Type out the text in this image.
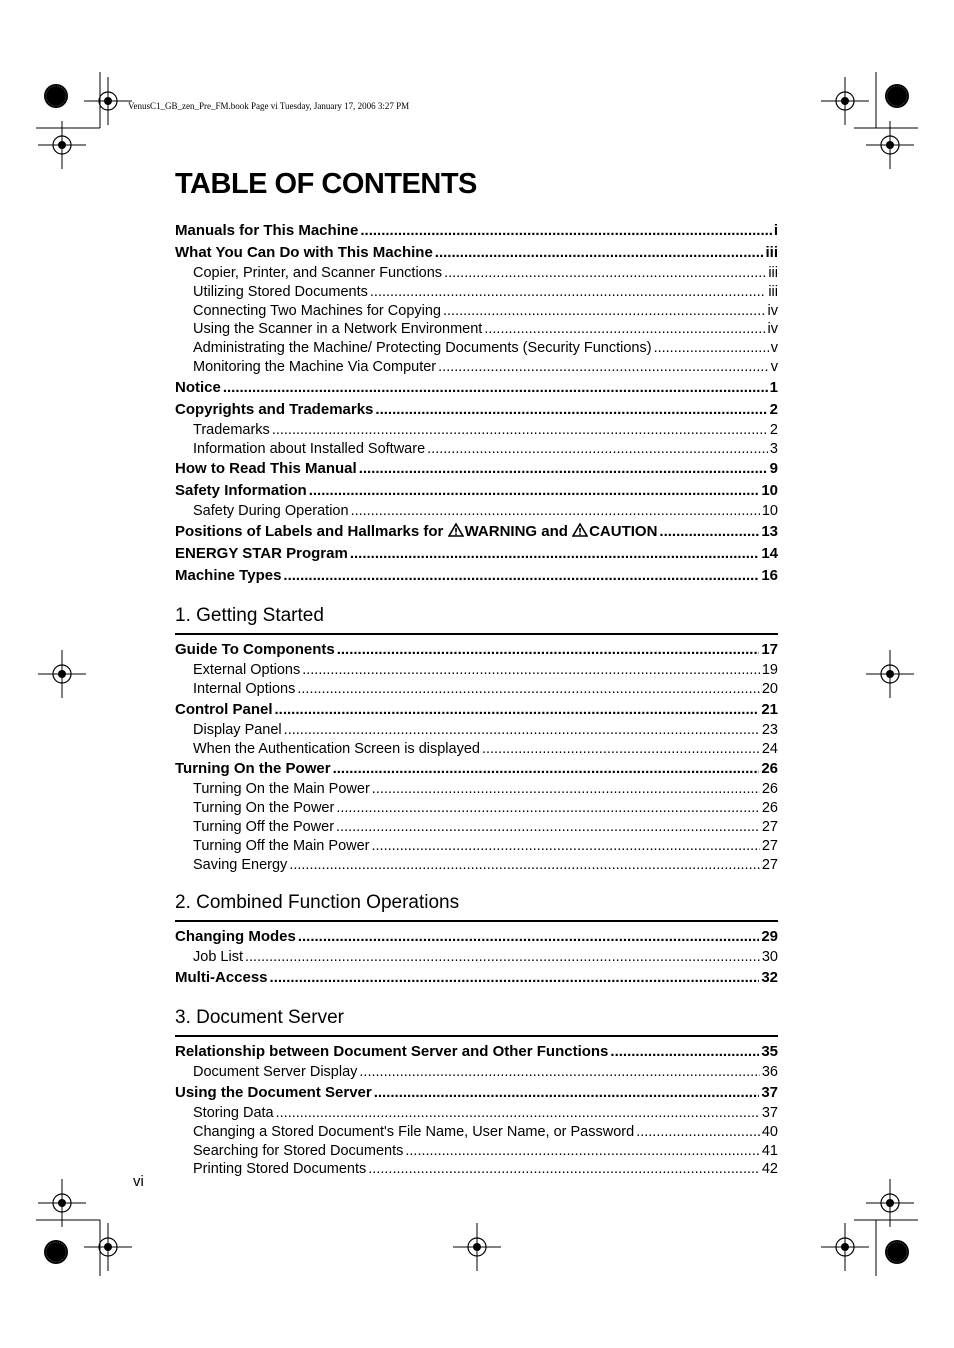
VenusC1_GB_zen_Pre_FM.book Page vi Tuesday, January 17, 2006 3:27 PM
TABLE OF CONTENTS
Manuals for This Machine .....	i
What You Can Do with This Machine .....	iii
Copier, Printer, and Scanner Functions .....	iii
Utilizing Stored Documents .....	iii
Connecting Two Machines for Copying .....	iv
Using the Scanner in a Network Environment .....	iv
Administrating the Machine/ Protecting Documents (Security Functions) .....	v
Monitoring the Machine Via Computer .....	v
Notice .....	1
Copyrights and Trademarks .....	2
Trademarks .....	2
Information about Installed Software .....	3
How to Read This Manual .....	9
Safety Information .....	10
Safety During Operation .....	10
Positions of Labels and Hallmarks for WARNING and CAUTION .....	13
ENERGY STAR Program .....	14
Machine Types .....	16
1. Getting Started
Guide To Components .....	17
External Options .....	19
Internal Options .....	20
Control Panel .....	21
Display Panel .....	23
When the Authentication Screen is displayed .....	24
Turning On the Power .....	26
Turning On the Main Power .....	26
Turning On the Power .....	26
Turning Off the Power .....	27
Turning Off the Main Power .....	27
Saving Energy .....	27
2. Combined Function Operations
Changing Modes .....	29
Job List .....	30
Multi-Access .....	32
3. Document Server
Relationship between Document Server and Other Functions .....	35
Document Server Display .....	36
Using the Document Server .....	37
Storing Data .....	37
Changing a Stored Document's File Name, User Name, or Password .....	40
Searching for Stored Documents .....	41
Printing Stored Documents .....	42
vi
